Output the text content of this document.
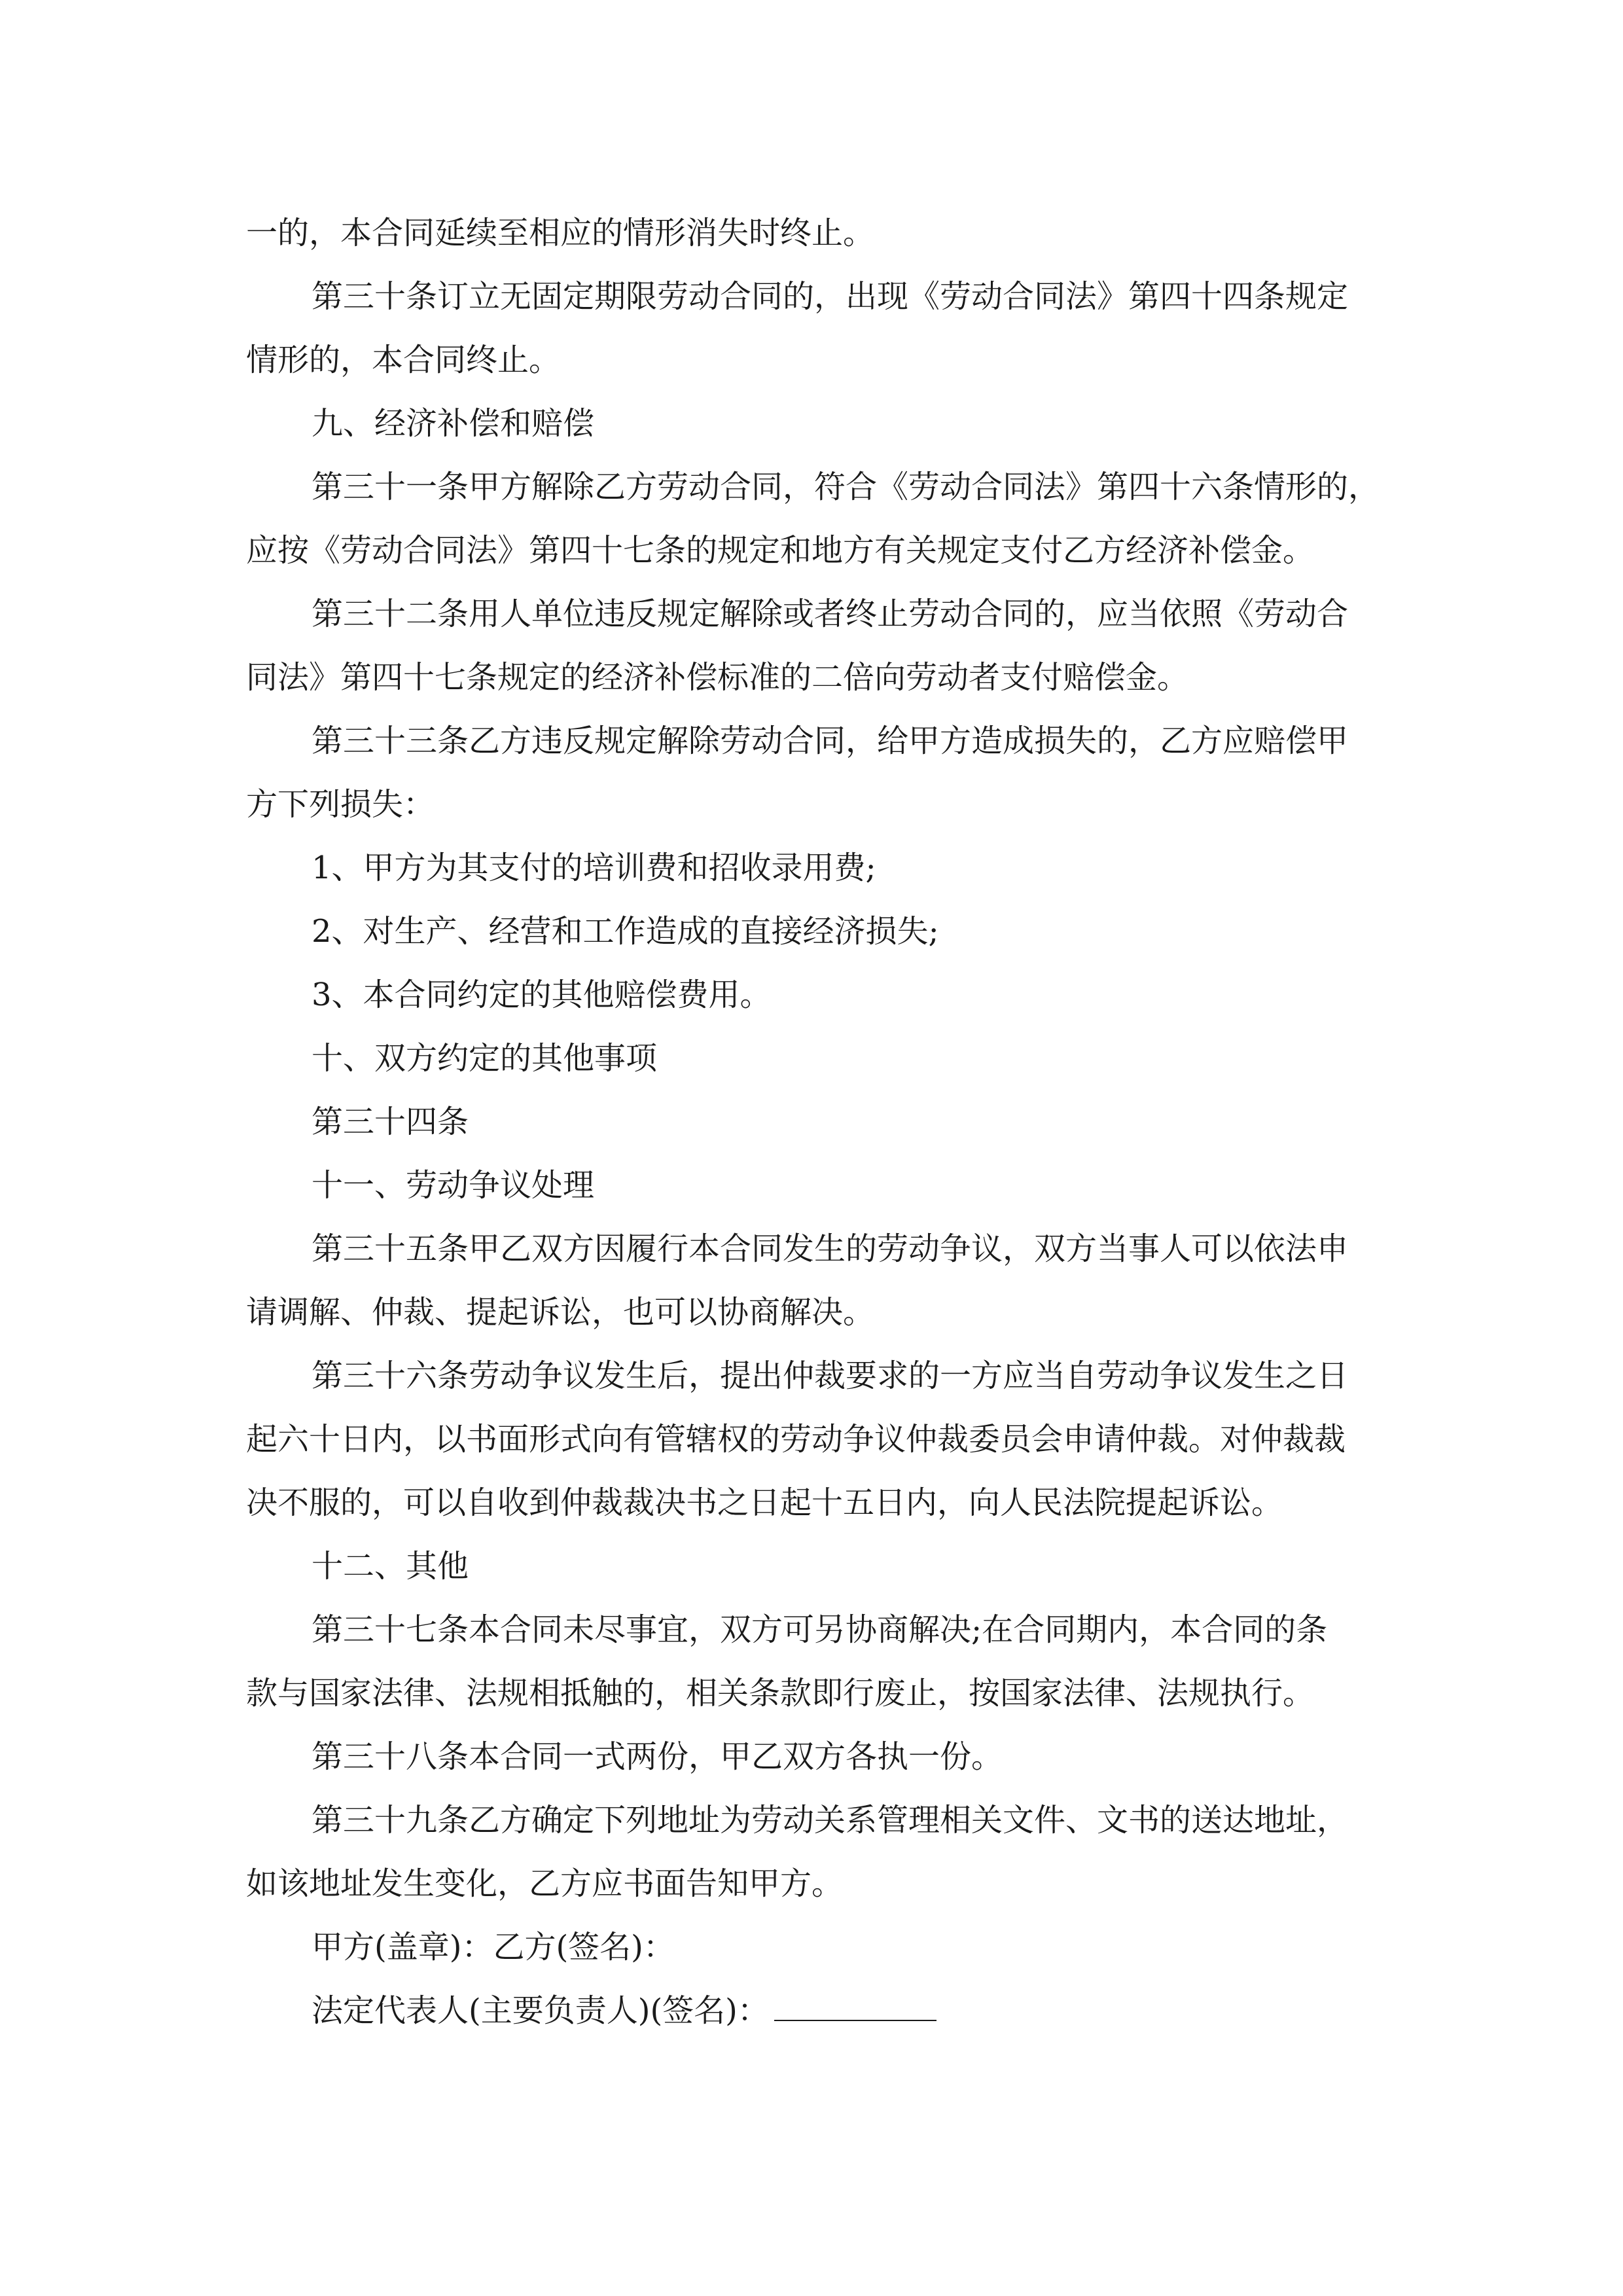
一的，本合同延续至相应的情形消失时终止。

第三十条订立无固定期限劳动合同的，出现《劳动合同法》第四十四条规定

情形的，本合同终止。

九、经济补偿和赔偿

第三十一条甲方解除乙方劳动合同，符合《劳动合同法》第四十六条情形的，

应按《劳动合同法》第四十七条的规定和地方有关规定支付乙方经济补偿金。

第三十二条用人单位违反规定解除或者终止劳动合同的，应当依照《劳动合

同法》第四十七条规定的经济补偿标准的二倍向劳动者支付赔偿金。

第三十三条乙方违反规定解除劳动合同，给甲方造成损失的，乙方应赔偿甲

方下列损失：

1、甲方为其支付的培训费和招收录用费;

2、对生产、经营和工作造成的直接经济损失;

3、本合同约定的其他赔偿费用。

十、双方约定的其他事项

第三十四条

十一、劳动争议处理

第三十五条甲乙双方因履行本合同发生的劳动争议，双方当事人可以依法申

请调解、仲裁、提起诉讼，也可以协商解决。

第三十六条劳动争议发生后，提出仲裁要求的一方应当自劳动争议发生之日

起六十日内，以书面形式向有管辖权的劳动争议仲裁委员会申请仲裁。对仲裁裁

决不服的，可以自收到仲裁裁决书之日起十五日内，向人民法院提起诉讼。

十二、其他

第三十七条本合同未尽事宜，双方可另协商解决;在合同期内，本合同的条

款与国家法律、法规相抵触的，相关条款即行废止，按国家法律、法规执行。

第三十八条本合同一式两份，甲乙双方各执一份。

第三十九条乙方确定下列地址为劳动关系管理相关文件、文书的送达地址，

如该地址发生变化，乙方应书面告知甲方。

甲方(盖章)：乙方(签名)：

法定代表人(主要负责人)(签名)：
